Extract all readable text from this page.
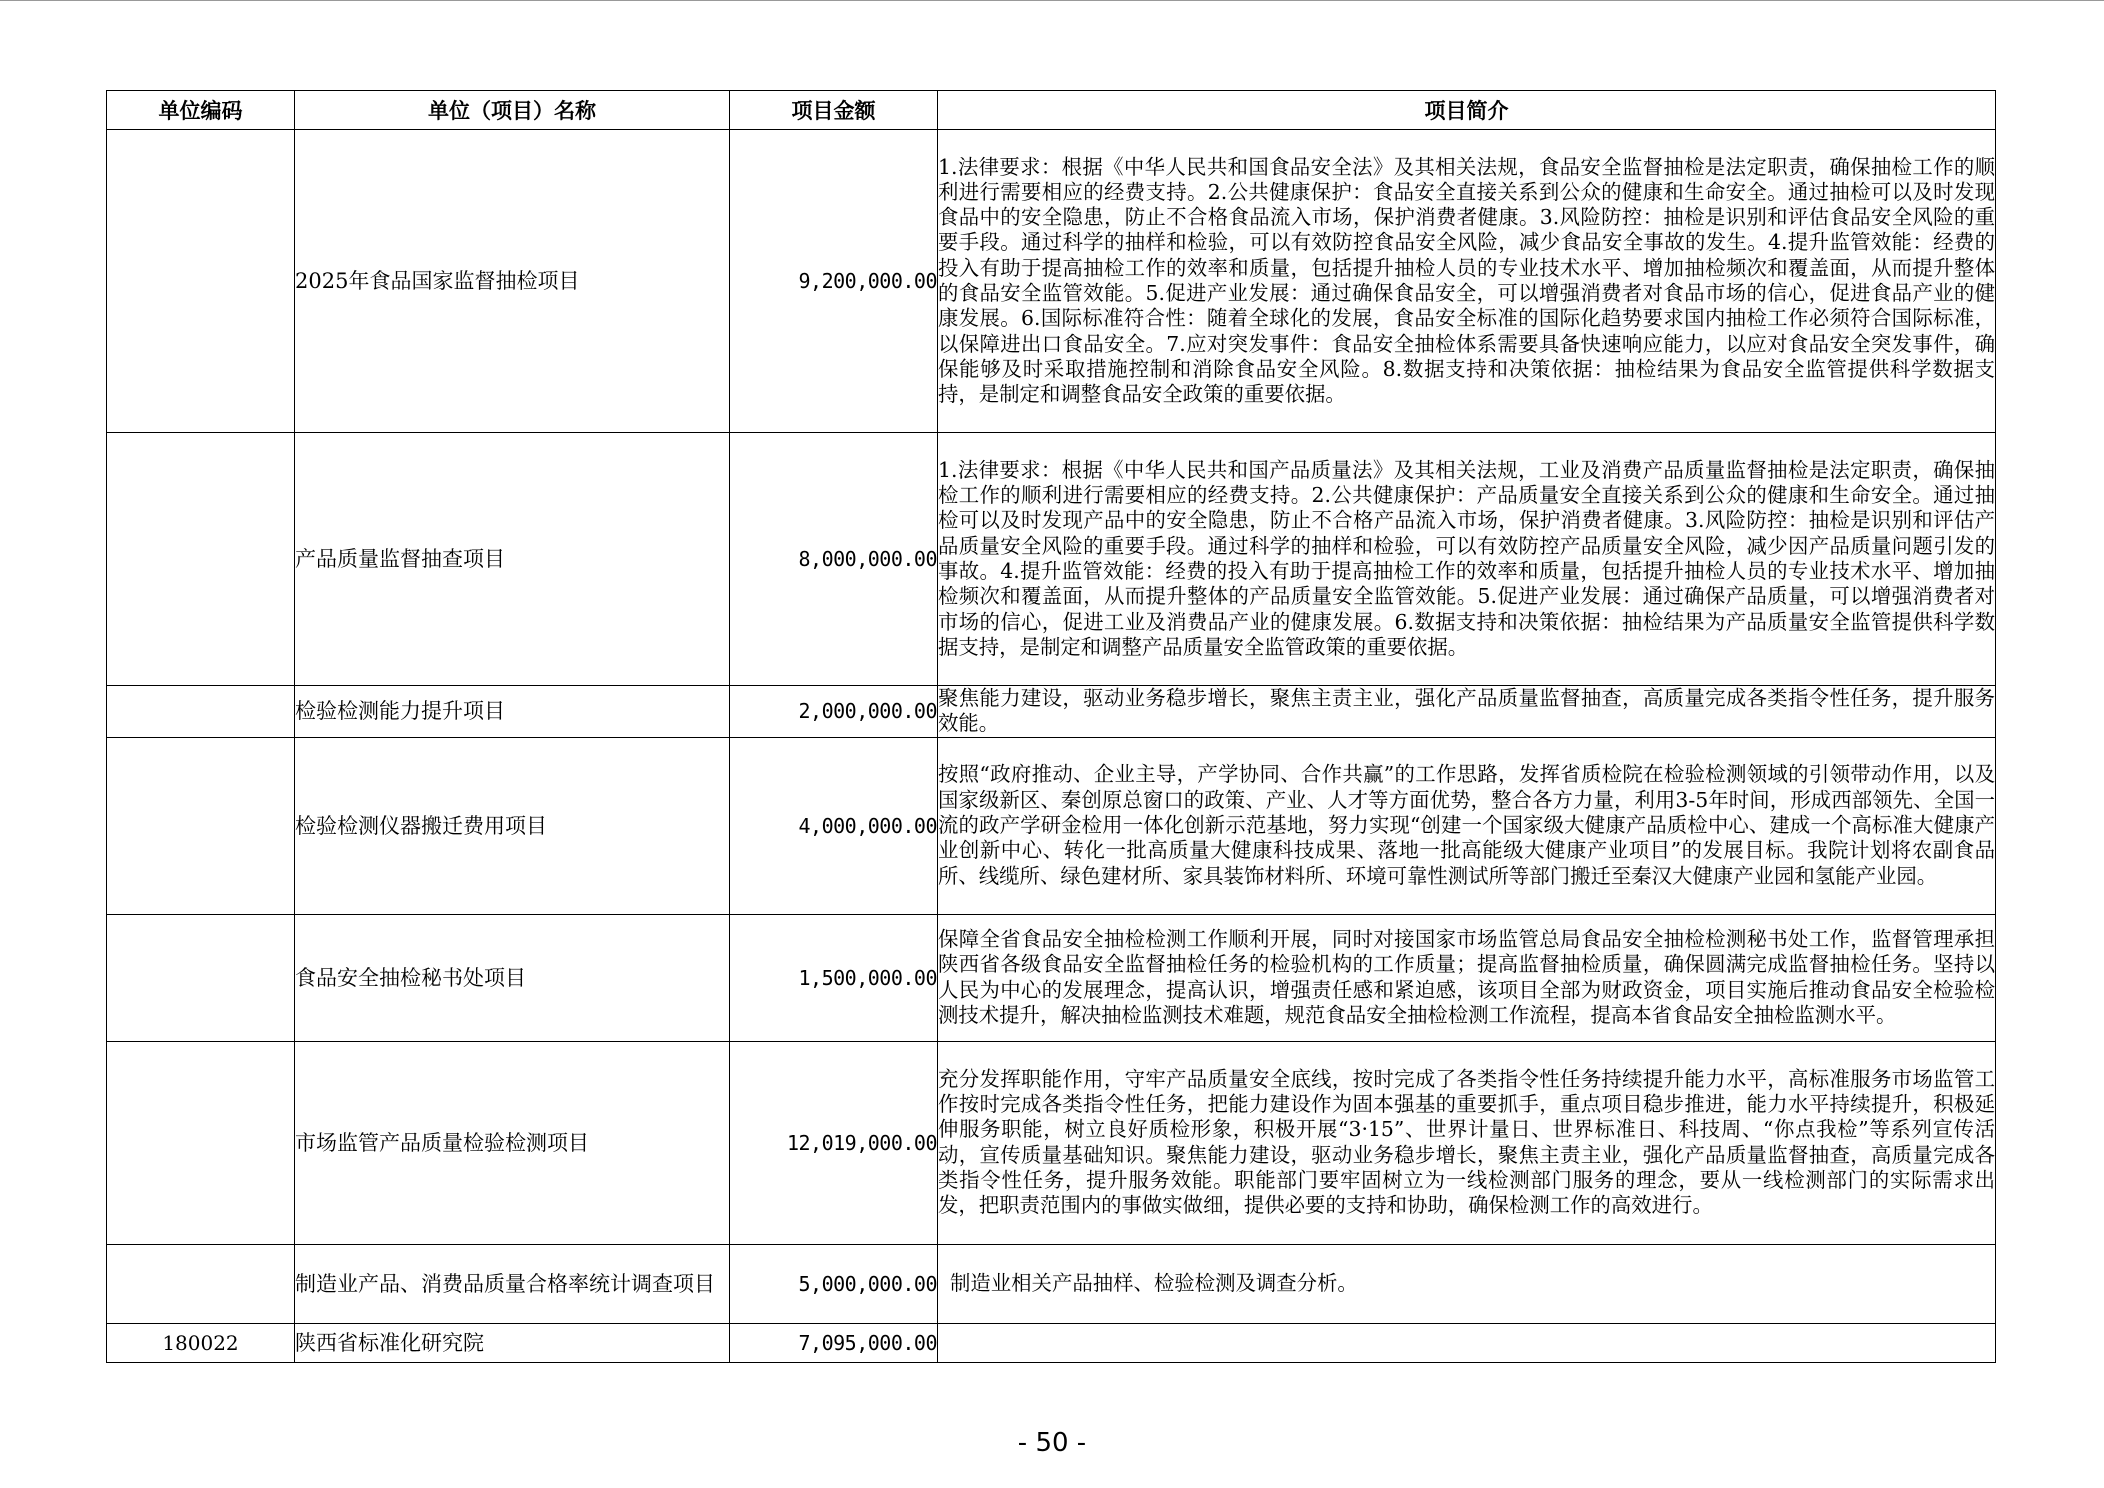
单位编码	单位（项目）名称	项目金额	项目简介
	2025年食品国家监督抽检项目	9,200,000.00	1.法律要求：根据《中华人民共和国食品安全法》及其相关法规，食品安全监督抽检是法定职责，确保抽检工作的顺利进行需要相应的经费支持。2.公共健康保护：食品安全直接关系到公众的健康和生命安全。通过抽检可以及时发现食品中的安全隐患，防止不合格食品流入市场，保护消费者健康。3.风险防控：抽检是识别和评估食品安全风险的重要手段。通过科学的抽样和检验，可以有效防控食品安全风险，减少食品安全事故的发生。4.提升监管效能：经费的投入有助于提高抽检工作的效率和质量，包括提升抽检人员的专业技术水平、增加抽检频次和覆盖面，从而提升整体的食品安全监管效能。5.促进产业发展：通过确保食品安全，可以增强消费者对食品市场的信心，促进食品产业的健康发展。6.国际标准符合性：随着全球化的发展，食品安全标准的国际化趋势要求国内抽检工作必须符合国际标准，以保障进出口食品安全。7.应对突发事件：食品安全抽检体系需要具备快速响应能力，以应对食品安全突发事件，确保能够及时采取措施控制和消除食品安全风险。8.数据支持和决策依据：抽检结果为食品安全监管提供科学数据支持，是制定和调整食品安全政策的重要依据。
	产品质量监督抽查项目	8,000,000.00	1.法律要求：根据《中华人民共和国产品质量法》及其相关法规，工业及消费产品质量监督抽检是法定职责，确保抽检工作的顺利进行需要相应的经费支持。2.公共健康保护：产品质量安全直接关系到公众的健康和生命安全。通过抽检可以及时发现产品中的安全隐患，防止不合格产品流入市场，保护消费者健康。3.风险防控：抽检是识别和评估产品质量安全风险的重要手段。通过科学的抽样和检验，可以有效防控产品质量安全风险，减少因产品质量问题引发的事故。4.提升监管效能：经费的投入有助于提高抽检工作的效率和质量，包括提升抽检人员的专业技术水平、增加抽检频次和覆盖面，从而提升整体的产品质量安全监管效能。5.促进产业发展：通过确保产品质量，可以增强消费者对市场的信心，促进工业及消费品产业的健康发展。6.数据支持和决策依据：抽检结果为产品质量安全监管提供科学数据支持，是制定和调整产品质量安全监管政策的重要依据。
	检验检测能力提升项目	2,000,000.00	聚焦能力建设，驱动业务稳步增长，聚焦主责主业，强化产品质量监督抽查，高质量完成各类指令性任务，提升服务效能。
	检验检测仪器搬迁费用项目	4,000,000.00	按照“政府推动、企业主导，产学协同、合作共赢”的工作思路，发挥省质检院在检验检测领域的引领带动作用，以及国家级新区、秦创原总窗口的政策、产业、人才等方面优势，整合各方力量，利用3-5年时间，形成西部领先、全国一流的政产学研金检用一体化创新示范基地，努力实现“创建一个国家级大健康产品质检中心、建成一个高标准大健康产业创新中心、转化一批高质量大健康科技成果、落地一批高能级大健康产业项目”的发展目标。我院计划将农副食品所、线缆所、绿色建材所、家具装饰材料所、环境可靠性测试所等部门搬迁至秦汉大健康产业园和氢能产业园。
	食品安全抽检秘书处项目	1,500,000.00	保障全省食品安全抽检检测工作顺利开展，同时对接国家市场监管总局食品安全抽检检测秘书处工作，监督管理承担陕西省各级食品安全监督抽检任务的检验机构的工作质量；提高监督抽检质量，确保圆满完成监督抽检任务。坚持以人民为中心的发展理念，提高认识，增强责任感和紧迫感，该项目全部为财政资金，项目实施后推动食品安全检验检测技术提升，解决抽检监测技术难题，规范食品安全抽检检测工作流程，提高本省食品安全抽检监测水平。
	市场监管产品质量检验检测项目	12,019,000.00	充分发挥职能作用，守牢产品质量安全底线，按时完成了各类指令性任务持续提升能力水平，高标准服务市场监管工作按时完成各类指令性任务，把能力建设作为固本强基的重要抓手，重点项目稳步推进，能力水平持续提升，积极延伸服务职能，树立良好质检形象，积极开展“3·15”、世界计量日、世界标准日、科技周、“你点我检”等系列宣传活动，宣传质量基础知识。聚焦能力建设，驱动业务稳步增长，聚焦主责主业，强化产品质量监督抽查，高质量完成各类指令性任务，提升服务效能。职能部门要牢固树立为一线检测部门服务的理念，要从一线检测部门的实际需求出发，把职责范围内的事做实做细，提供必要的支持和协助，确保检测工作的高效进行。
	制造业产品、消费品质量合格率统计调查项目	5,000,000.00	制造业相关产品抽样、检验检测及调查分析。
180022	陕西省标准化研究院	7,095,000.00	
- 50 -
